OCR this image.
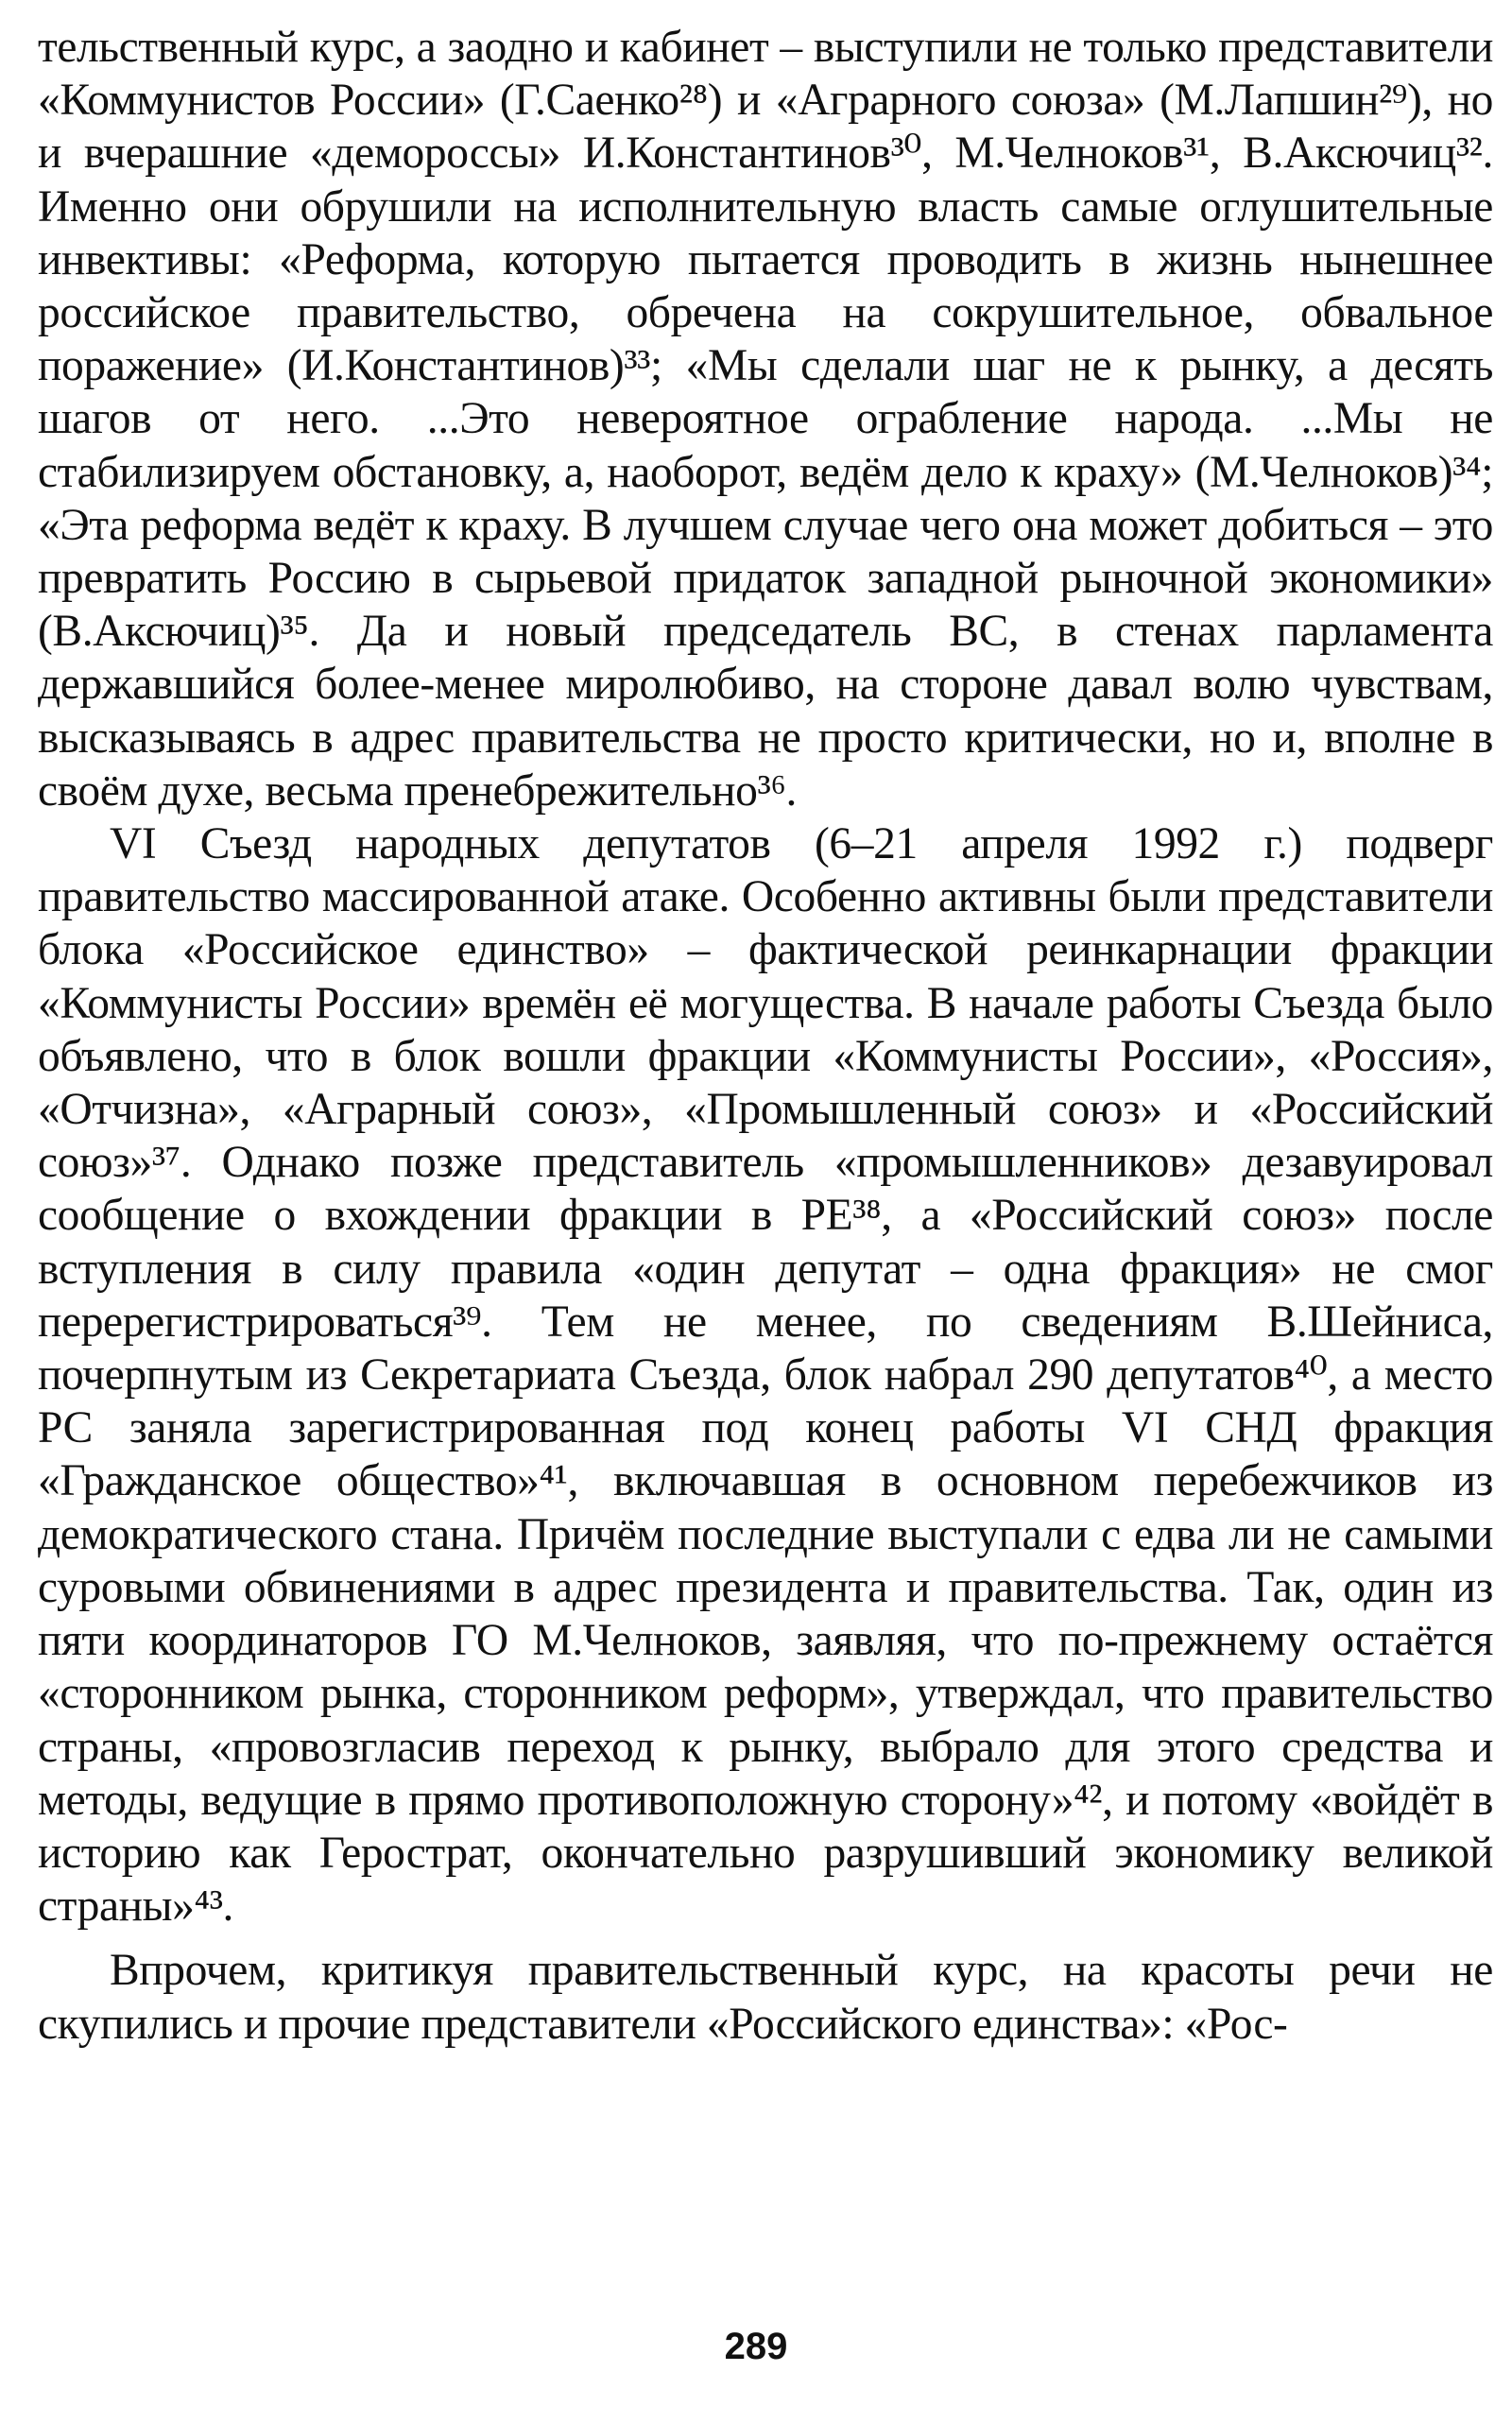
тельственный курс, а заодно и кабинет – выступили не только представители «Коммунистов России» (Г.Саенко²⁸) и «Аграрного союза» (М.Лапшин²⁹), но и вчерашние «демороссы» И.Константинов³⁰, М.Челноков³¹, В.Аксючиц³². Именно они обрушили на исполнительную власть самые оглушительные инвективы: «Реформа, которую пытается проводить в жизнь нынешнее российское правительство, обречена на сокрушительное, обвальное поражение» (И.Константинов)³³; «Мы сделали шаг не к рынку, а десять шагов от него. ...Это невероятное ограбление народа. ...Мы не стабилизируем обстановку, а, наоборот, ведём дело к краху» (М.Челноков)³⁴; «Эта реформа ведёт к краху. В лучшем случае чего она может добиться – это превратить Россию в сырьевой придаток западной рыночной экономики» (В.Аксючиц)³⁵. Да и новый председатель ВС, в стенах парламента державшийся более-менее миролюбиво, на стороне давал волю чувствам, высказываясь в адрес правительства не просто критически, но и, вполне в своём духе, весьма пренебрежительно³⁶.

VI Съезд народных депутатов (6–21 апреля 1992 г.) подверг правительство массированной атаке. Особенно активны были представители блока «Российское единство» – фактической реинкарнации фракции «Коммунисты России» времён её могущества. В начале работы Съезда было объявлено, что в блок вошли фракции «Коммунисты России», «Россия», «Отчизна», «Аграрный союз», «Промышленный союз» и «Российский союз»³⁷. Однако позже представитель «промышленников» дезавуировал сообщение о вхождении фракции в РЕ³⁸, а «Российский союз» после вступления в силу правила «один депутат – одна фракция» не смог перерегистрироваться³⁹. Тем не менее, по сведениям В.Шейниса, почерпнутым из Секретариата Съезда, блок набрал 290 депутатов⁴⁰, а место РС заняла зарегистрированная под конец работы VI СНД фракция «Гражданское общество»⁴¹, включавшая в основном перебежчиков из демократического стана. Причём последние выступали с едва ли не самыми суровыми обвинениями в адрес президента и правительства. Так, один из пяти координаторов ГО М.Челноков, заявляя, что по-прежнему остаётся «сторонником рынка, сторонником реформ», утверждал, что правительство страны, «провозгласив переход к рынку, выбрало для этого средства и методы, ведущие в прямо противоположную сторону»⁴², и потому «войдёт в историю как Герострат, окончательно разрушивший экономику великой страны»⁴³.

Впрочем, критикуя правительственный курс, на красоты речи не скупились и прочие представители «Российского единства»: «Рос-

289
